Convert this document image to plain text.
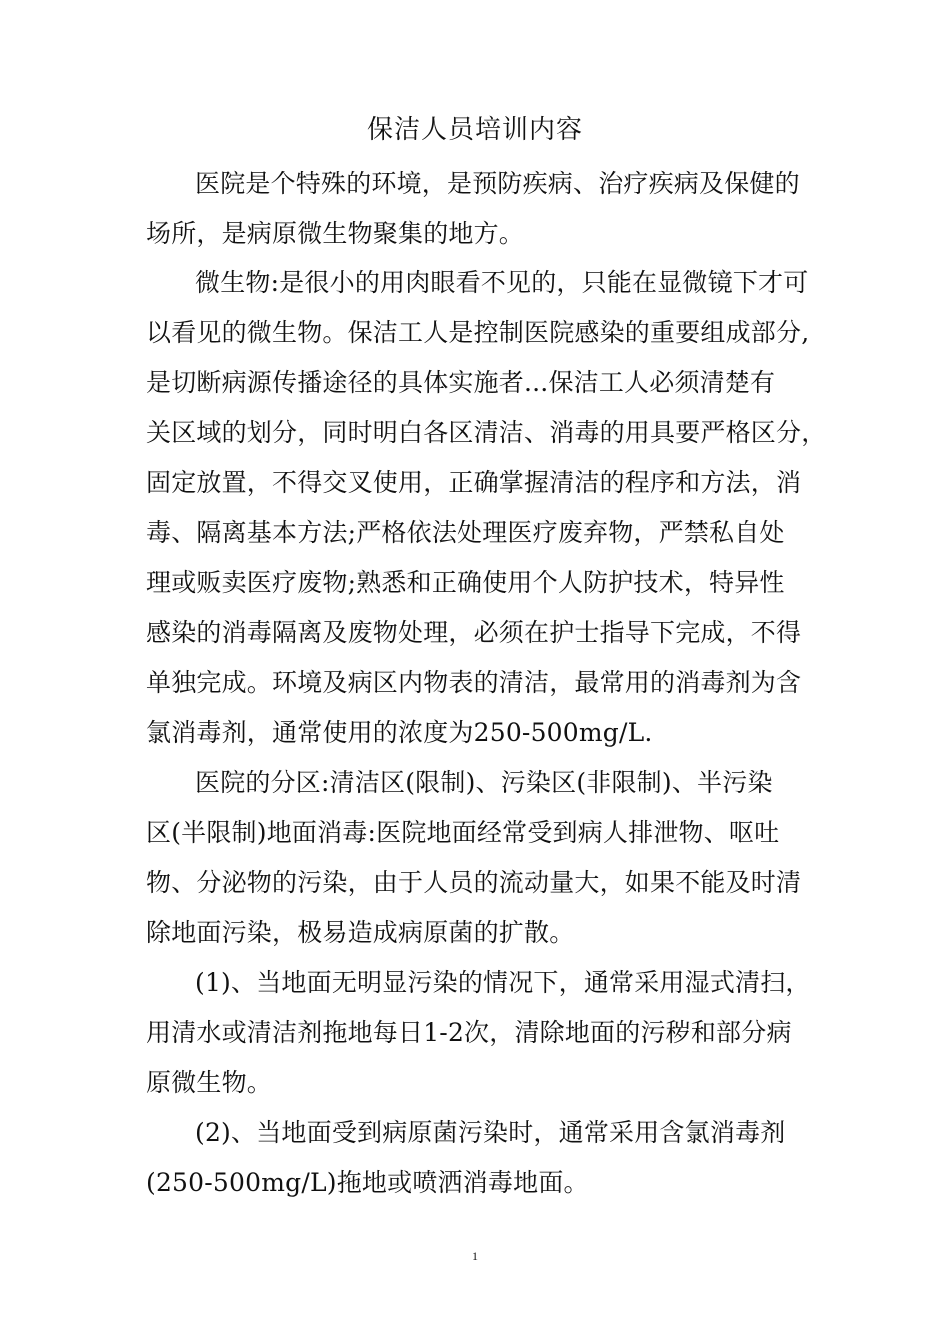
保洁人员培训内容
医院是个特殊的环境，是预防疾病、治疗疾病及保健的
场所，是病原微生物聚集的地方。
微生物:是很小的用肉眼看不见的，只能在显微镜下才可
以看见的微生物。保洁工人是控制医院感染的重要组成部分,
是切断病源传播途径的具体实施者...保洁工人必须清楚有
关区域的划分，同时明白各区清洁、消毒的用具要严格区分，
固定放置，不得交叉使用，正确掌握清洁的程序和方法，消
毒、隔离基本方法;严格依法处理医疗废弃物，严禁私自处
理或贩卖医疗废物;熟悉和正确使用个人防护技术，特异性
感染的消毒隔离及废物处理，必须在护士指导下完成，不得
单独完成。环境及病区内物表的清洁，最常用的消毒剂为含
氯消毒剂，通常使用的浓度为250-500mg/L.
医院的分区:清洁区(限制)、污染区(非限制)、半污染
区(半限制)地面消毒:医院地面经常受到病人排泄物、呕吐
物、分泌物的污染，由于人员的流动量大，如果不能及时清
除地面污染，极易造成病原菌的扩散。
(1)、当地面无明显污染的情况下，通常采用湿式清扫，
用清水或清洁剂拖地每日1-2次，清除地面的污秽和部分病
原微生物。
(2)、当地面受到病原菌污染时，通常采用含氯消毒剂
(250-500mg/L)拖地或喷洒消毒地面。
1
